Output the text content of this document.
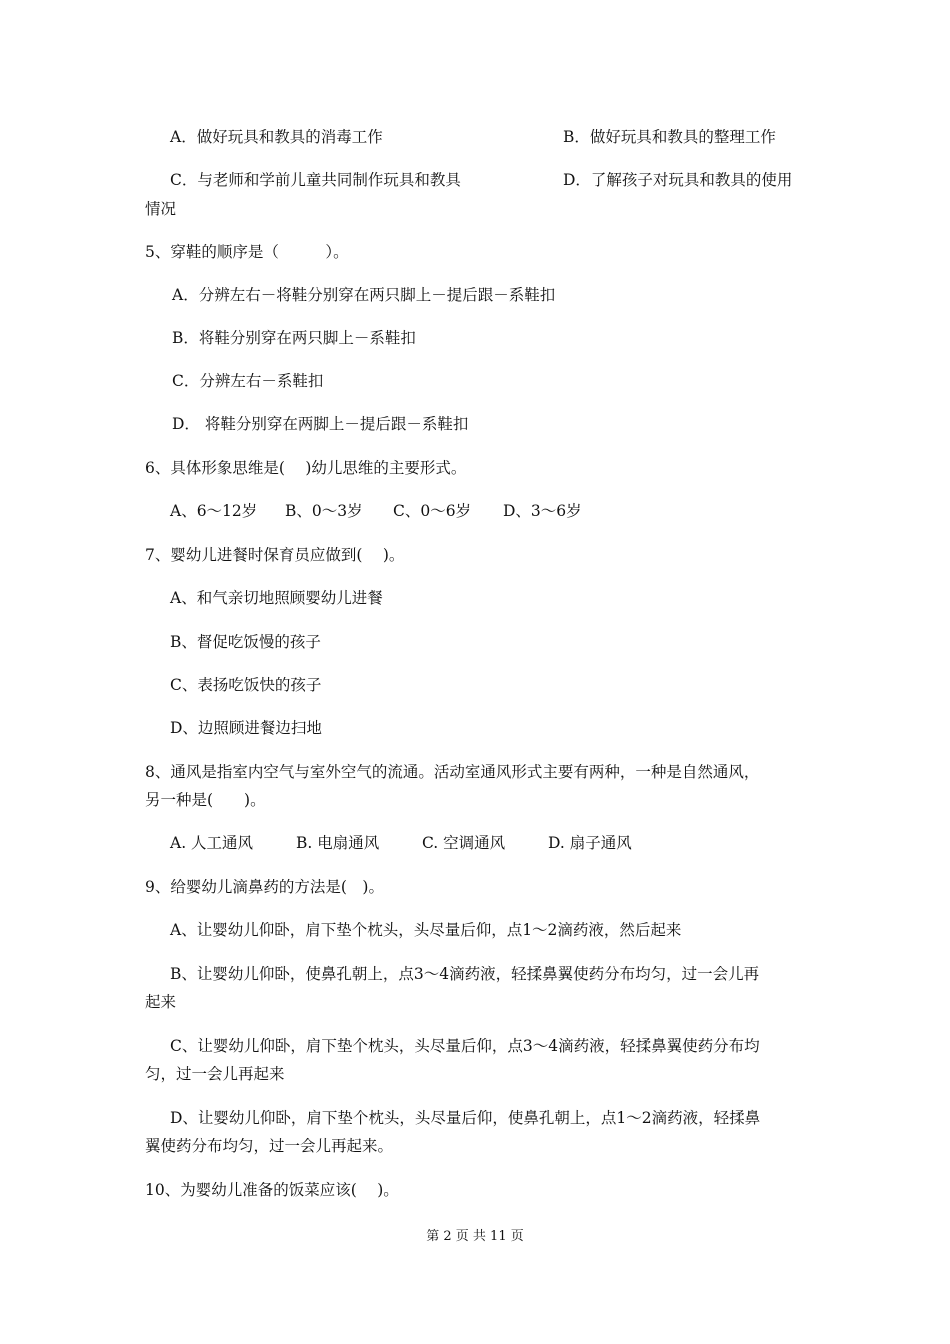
A．做好玩具和教具的消毒工作	B．做好玩具和教具的整理工作
C．与老师和学前儿童共同制作玩具和教具	D．了解孩子对玩具和教具的使用
情况
5、穿鞋的顺序是（　　　）。
A．分辨左右－将鞋分别穿在两只脚上－提后跟－系鞋扣
B．将鞋分别穿在两只脚上－系鞋扣
C．分辨左右－系鞋扣
D． 将鞋分别穿在两脚上－提后跟－系鞋扣
6、具体形象思维是(　 )幼儿思维的主要形式。
A、6～12岁 B、0～3岁 C、0～6岁 D、3～6岁
7、婴幼儿进餐时保育员应做到(　 )。
A、和气亲切地照顾婴幼儿进餐
B、督促吃饭慢的孩子
C、表扬吃饭快的孩子
D、边照顾进餐边扫地
8、通风是指室内空气与室外空气的流通。活动室通风形式主要有两种，一种是自然通风，
另一种是(　　)。
A. 人工通风	B. 电扇通风	C. 空调通风	D. 扇子通风
9、给婴幼儿滴鼻药的方法是(　)。
A、让婴幼儿仰卧，肩下垫个枕头，头尽量后仰，点1～2滴药液，然后起来
B、让婴幼儿仰卧，使鼻孔朝上，点3～4滴药液，轻揉鼻翼使药分布均匀，过一会儿再
起来
C、让婴幼儿仰卧，肩下垫个枕头，头尽量后仰，点3～4滴药液，轻揉鼻翼使药分布均
匀，过一会儿再起来
D、让婴幼儿仰卧，肩下垫个枕头，头尽量后仰，使鼻孔朝上，点1～2滴药液，轻揉鼻
翼使药分布均匀，过一会儿再起来。
10、为婴幼儿准备的饭菜应该(　 )。
第 2 页 共 11 页
